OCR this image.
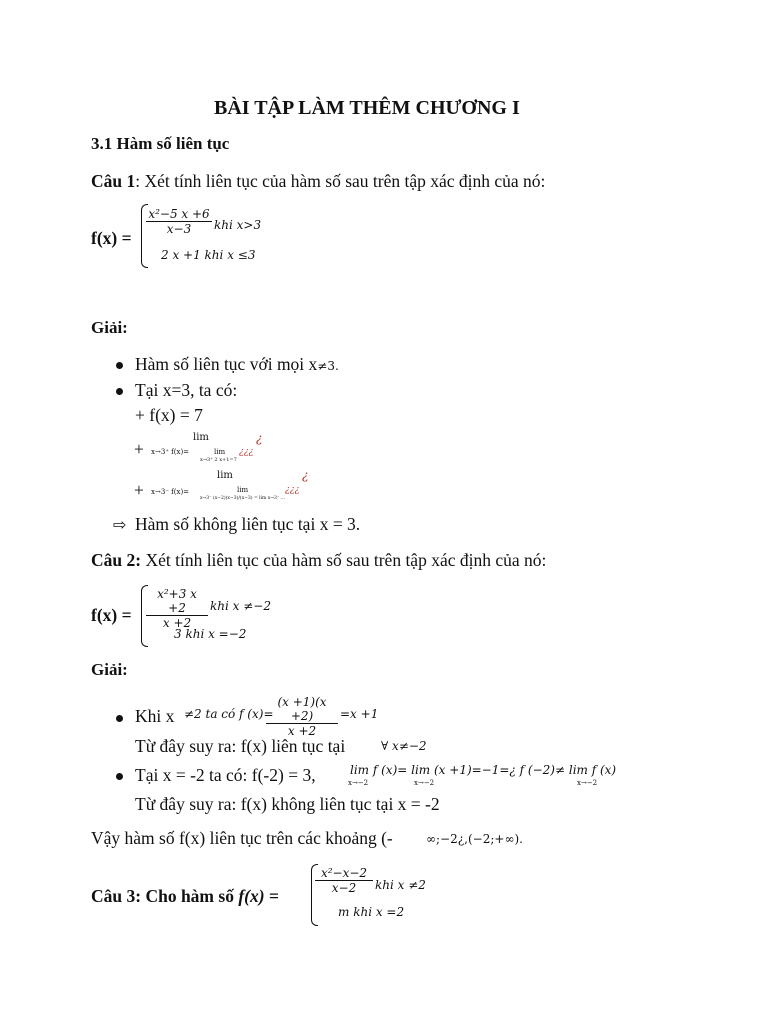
BÀI TẬP LÀM THÊM CHƯƠNG I
3.1 Hàm số liên tục
Câu 1: Xét tính liên tục của hàm số sau trên tập xác định của nó:
f(x) =
x²−5 x +6
x−3	khi x>3
2 x +1 khi x ≤3
Giải:
Hàm số liên tục với mọi x≠3.
Tại x=3, ta có:
+ f(x) = 7
lim
+ x→3⁺ f(x)=	lim
x→3⁺ 2 x+1=7
¿¿¿
¿
lim
+ x→3⁻ f(x)=	lim
x→3⁻ (x−2)(x−3)/(x−3) = lim x→3⁻ ...
¿¿¿
¿
⇨ Hàm số không liên tục tại x = 3.
Câu 2: Xét tính liên tục của hàm số sau trên tập xác định của nó:
f(x) =
x²+3 x +2
x +2
khi x ≠−2
3 khi x =−2
Giải:
Khi x ≠2 ta có f (x)=
(x +1)(x +2)
x +2
=x +1
Từ đây suy ra: f(x) liên tục tại	∀ x≠−2
Tại x = -2 ta có: f(-2) = 3,	lim f (x)= lim (x +1)=−1=¿ f (−2)≠ lim f (x)
x→−2	x→−2	x→−2
Từ đây suy ra: f(x) không liên tục tại x = -2
Vậy hàm số f(x) liên tục trên các khoảng (-	∞;−2¿,(−2;+∞).
Câu 3: Cho hàm số f(x) =
x²−x−2
x−2	khi x ≠2
m khi x =2
